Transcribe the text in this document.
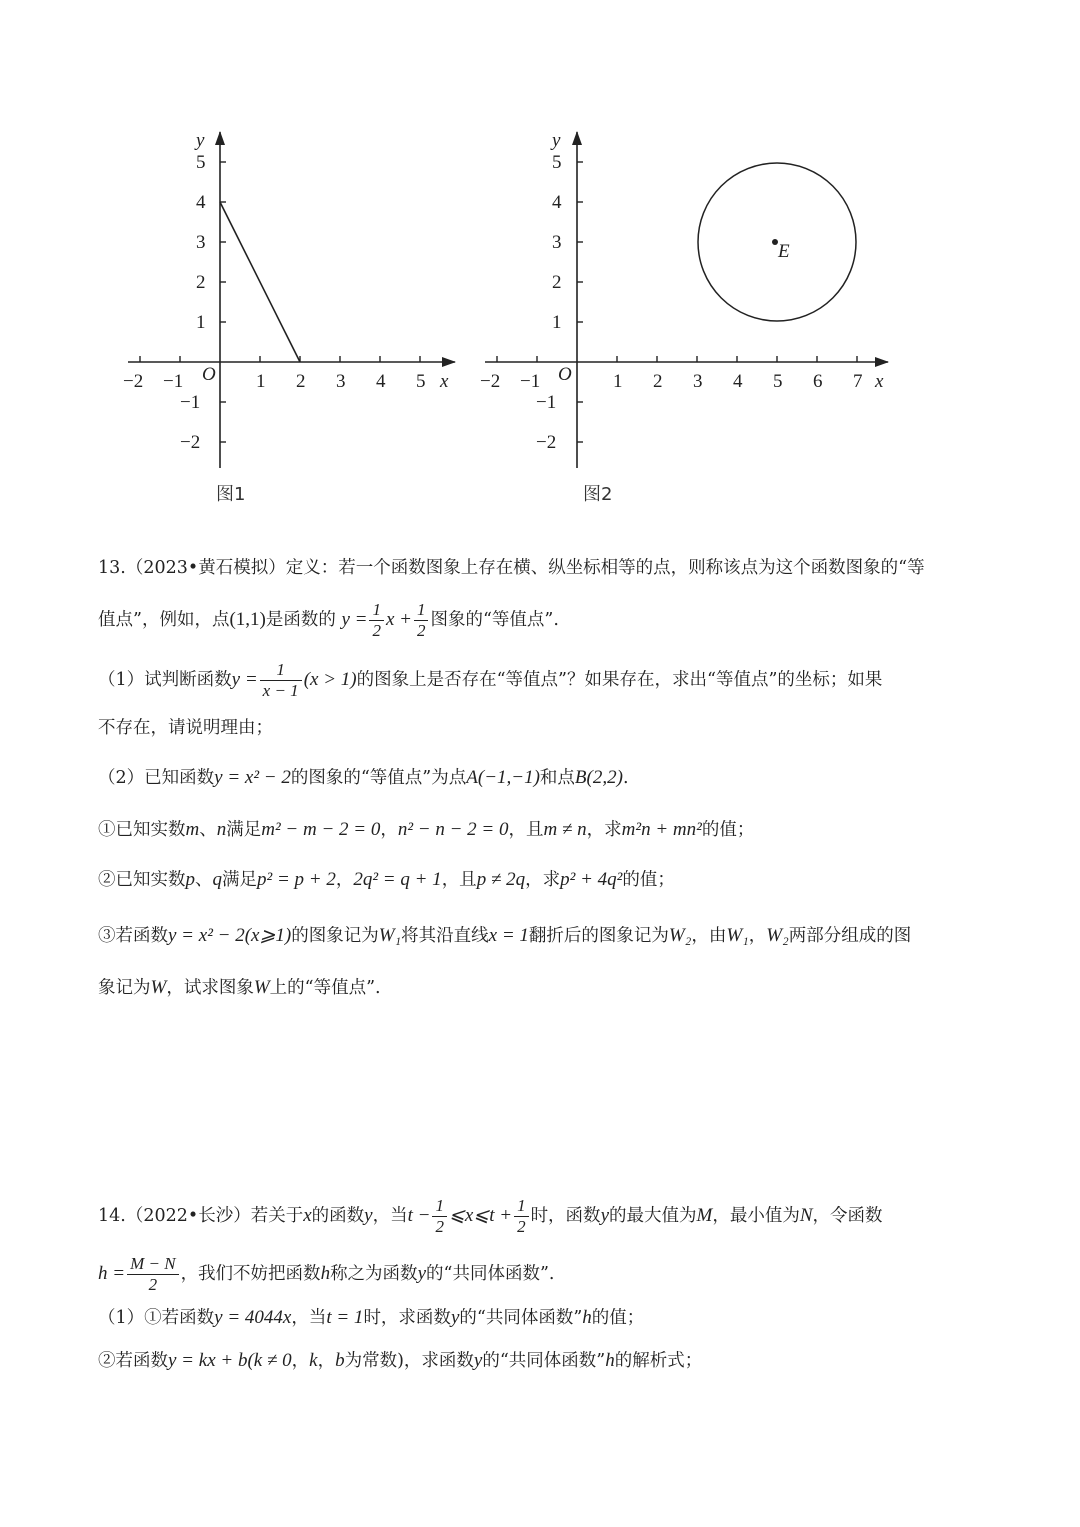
−2 −1 O 1 2 3 4 5 x
y
5
4
3
2
1
−1
−2
图1
−2 −1 O 1 2 3 4 5 6 7 x
y
5
4
3
2
1
−1
−2
E
图2
13.（2023•黄石模拟）定义：若一个函数图象上存在横、纵坐标相等的点，则称该点为这个函数图象的“等
值点”，例如，点(1,1)是函数的 $y = \frac{1}{2}$ $x + \frac{1}{2}$ 图象的“等值点”.
（1）试判断函数$y = \frac{1}{x - 1} (x > 1)$的图象上是否存在“等值点”？如果存在，求出“等值点”的坐标；如果
不存在，请说明理由；
（2）已知函数y = x² − 2的图象的“等值点”为点A(−1,−1)和点B(2,2).
①已知实数m、n满足m² − m − 2 = 0，n² − n − 2 = 0，且m ≠ n，求m²n + mn²的值；
②已知实数p、q满足p² = p + 2，2q² = q + 1，且p ≠ 2q，求p² + 4q²的值；
③若函数y = x² − 2(x⩾1)的图象记为W₁将其沿直线x = 1翻折后的图象记为W₂，由W₁，W₂两部分组成的图
象记为W，试求图象W上的“等值点”.
14.（2022•长沙）若关于x的函数y，当$t - \frac{1}{2}$ ⩽x⩽t + $\frac{1}{2}$ 时，函数y的最大值为M，最小值为N，令函数
$h = \frac{M - N}{2}$ ，我们不妨把函数h称之为函数y的“共同体函数”.
（1）①若函数y = 4044x，当t = 1时，求函数y的“共同体函数”h的值；
②若函数y = kx + b(k ≠ 0，k，b为常数)，求函数y的“共同体函数”h的解析式；
